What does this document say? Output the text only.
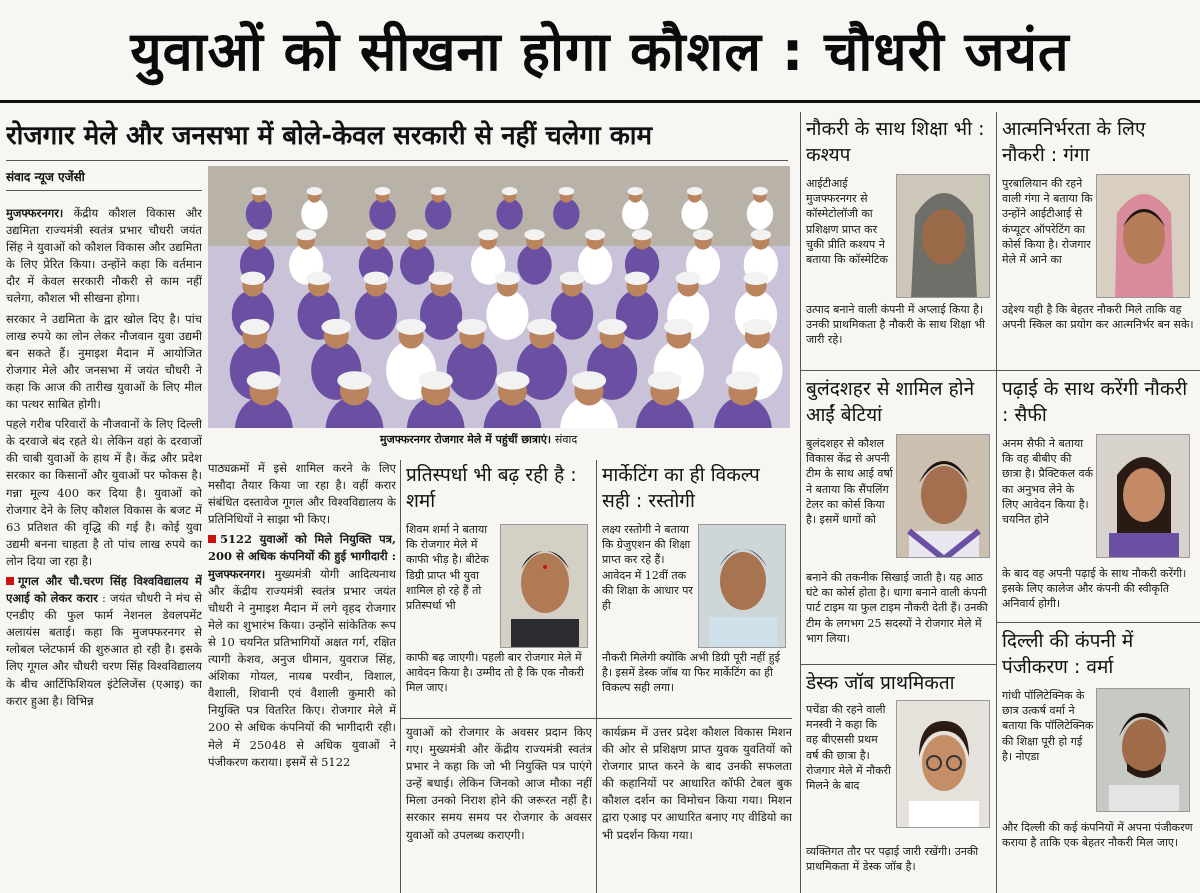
युवाओं को सीखना होगा कौशल : चौधरी जयंत
रोजगार मेले और जनसभा में बोले-केवल सरकारी से नहीं चलेगा काम
संवाद न्यूज एजेंसी

मुजफ्फरनगर। केंद्रीय कौशल विकास और उद्यमिता राज्यमंत्री स्वतंत्र प्रभार चौधरी जयंत सिंह ने युवाओं को कौशल विकास और उद्यमिता के लिए प्रेरित किया। उन्होंने कहा कि वर्तमान दौर में केवल सरकारी नौकरी से काम नहीं चलेगा, कौशल भी सीखना होगा।

सरकार ने उद्यमिता के द्वार खोल दिए है। पांच लाख रुपये का लोन लेकर नौजवान युवा उद्यमी बन सकते हैं। नुमाइश मैदान में आयोजित रोजगार मेले और जनसभा में जयंत चौधरी ने कहा कि आज की तारीख युवाओं के लिए मील का पत्थर साबित होगी।

पहले गरीब परिवारों के नौजवानों के लिए दिल्ली के दरवाजे बंद रहते थे। लेकिन वहां के दरवाजों की चाबी युवाओं के हाथ में है। केंद्र और प्रदेश सरकार का किसानों और युवाओं पर फोकस है। गन्ना मूल्य 400 कर दिया है। युवाओं को रोजगार देने के लिए कौशल विकास के बजट में 63 प्रतिशत की वृद्धि की गई है। कोई युवा उद्यमी बनना चाहता है तो पांच लाख रुपये का लोन दिया जा रहा है।

गूगल और चौ.चरण सिंह विश्वविद्यालय में एआई को लेकर करार : जयंत चौधरी ने मंच से एनडीए की फुल फार्म नेशनल डेवलपमेंट अलायंस बताई। कहा कि मुजफ्फरनगर से ग्लोबल प्लेटफार्म की शुरुआत हो रही है। इसके लिए गूगल और चौधरी चरण सिंह विश्वविद्यालय के बीच आर्टिफिशियल इंटेलिजेंस (एआइ) का करार हुआ है। विभिन्न

मुजफ्फरनगर रोजगार मेले में पहुंचीं छात्राएं। संवाद

पाठ्यक्रमों में इसे शामिल करने के लिए मसौदा तैयार किया जा रहा है। वहीं करार संबंधित दस्तावेज गूगल और विश्वविद्यालय के प्रतिनिधियों ने साझा भी किए।

5122 युवाओं को मिले नियुक्ति पत्र, 200 से अधिक कंपनियों की हुई भागीदारी : मुजफ्फरनगर। मुख्यमंत्री योगी आदित्यनाथ और केंद्रीय राज्यमंत्री स्वतंत्र प्रभार जयंत चौधरी ने नुमाइश मैदान में लगे वृहद रोजगार मेले का शुभारंभ किया। उन्होंने सांकेतिक रूप से 10 चयनित प्रतिभागियों अक्षत गर्ग, रक्षित त्यागी केशव, अनुज धीमान, युवराज सिंह, अंशिका गोयल, नायब परवीन, विशाल, वैशाली, शिवानी एवं वैशाली कुमारी को नियुक्ति पत्र वितरित किए। रोजगार मेले में 200 से अधिक कंपनियों की भागीदारी रही। मेले में 25048 से अधिक युवाओं ने पंजीकरण कराया। इसमें से 5122

प्रतिस्पर्धा भी बढ़ रही है : शर्मा
शिवम शर्मा ने बताया कि रोजगार मेले में काफी भीड़ है। बीटेक डिग्री प्राप्त भी युवा शामिल हो रहे हैं तो प्रतिस्पर्धा भी
काफी बढ़ जाएगी। पहली बार रोजगार मेले में आवेदन किया है। उम्मीद तो है कि एक नौकरी मिल जाए।
मार्केटिंग का ही विकल्प सही : रस्तोगी
लक्ष्य रस्तोगी ने बताया कि ग्रेजुएशन की शिक्षा प्राप्त कर रहे हैं। आवेदन में 12वीं तक की शिक्षा के आधार पर ही
नौकरी मिलेगी क्योंकि अभी डिग्री पूरी नहीं हुई है। इसमें डेस्क जॉब या फिर मार्केटिंग का ही विकल्प सही लगा।

युवाओं को रोजगार के अवसर प्रदान किए गए। मुख्यमंत्री और केंद्रीय राज्यमंत्री स्वतंत्र प्रभार ने कहा कि जो भी नियुक्ति पत्र पाएंगे उन्हें बधाई। लेकिन जिनको आज मौका नहीं मिला उनको निराश होने की जरूरत नहीं है। सरकार समय समय पर रोजगार के अवसर युवाओं को उपलब्ध कराएगी।

कार्यक्रम में उत्तर प्रदेश कौशल विकास मिशन की ओर से प्रशिक्षण प्राप्त युवक युवतियों को रोजगार प्राप्त करने के बाद उनकी सफलता की कहानियों पर आधारित कॉफी टेबल बुक कौशल दर्शन का विमोचन किया गया। मिशन द्वारा एआइ पर आधारित बनाए गए वीडियो का भी प्रदर्शन किया गया।

नौकरी के साथ शिक्षा भी : कश्यप
आईटीआई मुजफ्फरनगर से कॉस्मेटोलॉजी का प्रशिक्षण प्राप्त कर चुकी प्रीति कश्यप ने बताया कि कॉस्मेटिक
उत्पाद बनाने वाली कंपनी में अप्लाई किया है। उनकी प्राथमिकता है नौकरी के साथ शिक्षा भी जारी रहे।
बुलंदशहर से शामिल होने आईं बेटियां
बुलंदशहर से कौशल विकास केंद्र से अपनी टीम के साथ आई वर्षा ने बताया कि सैंपलिंग टेलर का कोर्स किया है। इसमें धागों को
बनाने की तकनीक सिखाई जाती है। यह आठ घंटे का कोर्स होता है। धागा बनाने वाली कंपनी पार्ट टाइम या फुल टाइम नौकरी देती हैं। उनकी टीम के लगभग 25 सदस्यों ने रोजगार मेले में भाग लिया।
डेस्क जॉब प्राथमिकता
पचेंडा की रहने वाली मनस्वी ने कहा कि वह बीएससी प्रथम वर्ष की छात्रा है। रोजगार मेले में नौकरी मिलने के बाद
व्यक्तिगत तौर पर पढ़ाई जारी रखेंगी। उनकी प्राथमिकता में डेस्क जॉब है।
आत्मनिर्भरता के लिए नौकरी : गंगा
पुरबालियान की रहने वाली गंगा ने बताया कि उन्होंने आईटीआई से कंप्यूटर ऑपरेटिंग का कोर्स किया है। रोजगार मेले में आने का
उद्देश्य यही है कि बेहतर नौकरी मिले ताकि वह अपनी स्किल का प्रयोग कर आत्मनिर्भर बन सके।
पढ़ाई के साथ करेंगी नौकरी : सैफी
अनम सैफी ने बताया कि वह बीबीए की छात्रा है। प्रैक्टिकल वर्क का अनुभव लेने के लिए आवेदन किया है। चयनित होने
के बाद वह अपनी पढ़ाई के साथ नौकरी करेंगी। इसके लिए कालेज और कंपनी की स्वीकृति अनिवार्य होगी।
दिल्ली की कंपनी में पंजीकरण : वर्मा
गांधी पॉलिटेक्निक के छात्र उत्कर्ष वर्मा ने बताया कि पॉलिटेक्निक की शिक्षा पूरी हो गई है। नोएडा
और दिल्ली की कई कंपनियों में अपना पंजीकरण कराया है ताकि एक बेहतर नौकरी मिल जाए।
